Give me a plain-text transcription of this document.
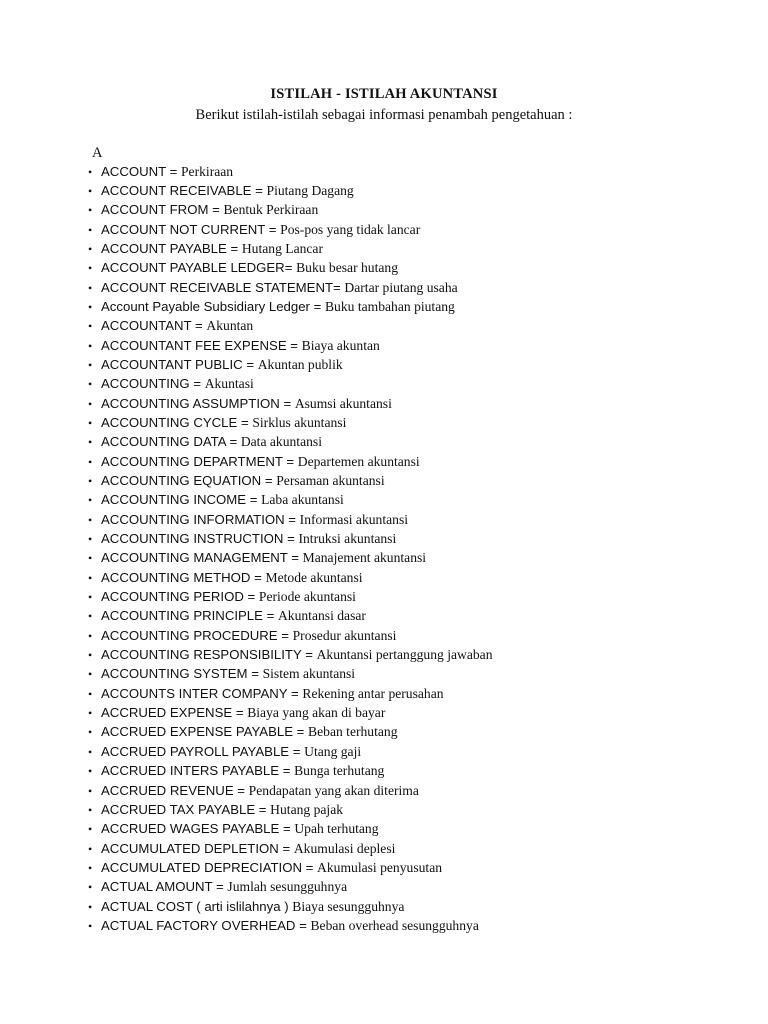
ISTILAH - ISTILAH AKUNTANSI
Berikut istilah-istilah sebagai informasi penambah pengetahuan :
A
• ACCOUNT = Perkiraan
• ACCOUNT RECEIVABLE = Piutang Dagang
• ACCOUNT FROM = Bentuk Perkiraan
• ACCOUNT NOT CURRENT = Pos-pos yang tidak lancar
• ACCOUNT PAYABLE = Hutang Lancar
• ACCOUNT PAYABLE LEDGER= Buku besar hutang
• ACCOUNT RECEIVABLE STATEMENT= Dartar piutang usaha
• Account Payable Subsidiary Ledger = Buku tambahan piutang
• ACCOUNTANT = Akuntan
• ACCOUNTANT FEE EXPENSE = Biaya akuntan
• ACCOUNTANT PUBLIC = Akuntan publik
• ACCOUNTING = Akuntasi
• ACCOUNTING ASSUMPTION = Asumsi akuntansi
• ACCOUNTING CYCLE = Sirklus akuntansi
• ACCOUNTING DATA = Data akuntansi
• ACCOUNTING DEPARTMENT = Departemen akuntansi
• ACCOUNTING EQUATION = Persaman akuntansi
• ACCOUNTING INCOME = Laba akuntansi
• ACCOUNTING INFORMATION = Informasi akuntansi
• ACCOUNTING INSTRUCTION = Intruksi akuntansi
• ACCOUNTING MANAGEMENT = Manajement akuntansi
• ACCOUNTING METHOD = Metode akuntansi
• ACCOUNTING PERIOD = Periode akuntansi
• ACCOUNTING PRINCIPLE = Akuntansi dasar
• ACCOUNTING PROCEDURE = Prosedur akuntansi
• ACCOUNTING RESPONSIBILITY = Akuntansi pertanggung jawaban
• ACCOUNTING SYSTEM = Sistem akuntansi
• ACCOUNTS INTER COMPANY = Rekening antar perusahan
• ACCRUED EXPENSE = Biaya yang akan di bayar
• ACCRUED EXPENSE PAYABLE = Beban terhutang
• ACCRUED PAYROLL PAYABLE = Utang gaji
• ACCRUED INTERS PAYABLE = Bunga terhutang
• ACCRUED REVENUE = Pendapatan yang akan diterima
• ACCRUED TAX PAYABLE = Hutang pajak
• ACCRUED WAGES PAYABLE = Upah terhutang
• ACCUMULATED DEPLETION = Akumulasi deplesi
• ACCUMULATED DEPRECIATION = Akumulasi penyusutan
• ACTUAL AMOUNT = Jumlah sesungguhnya
• ACTUAL COST ( arti islilahnya ) Biaya sesungguhnya
• ACTUAL FACTORY OVERHEAD = Beban overhead sesungguhnya
